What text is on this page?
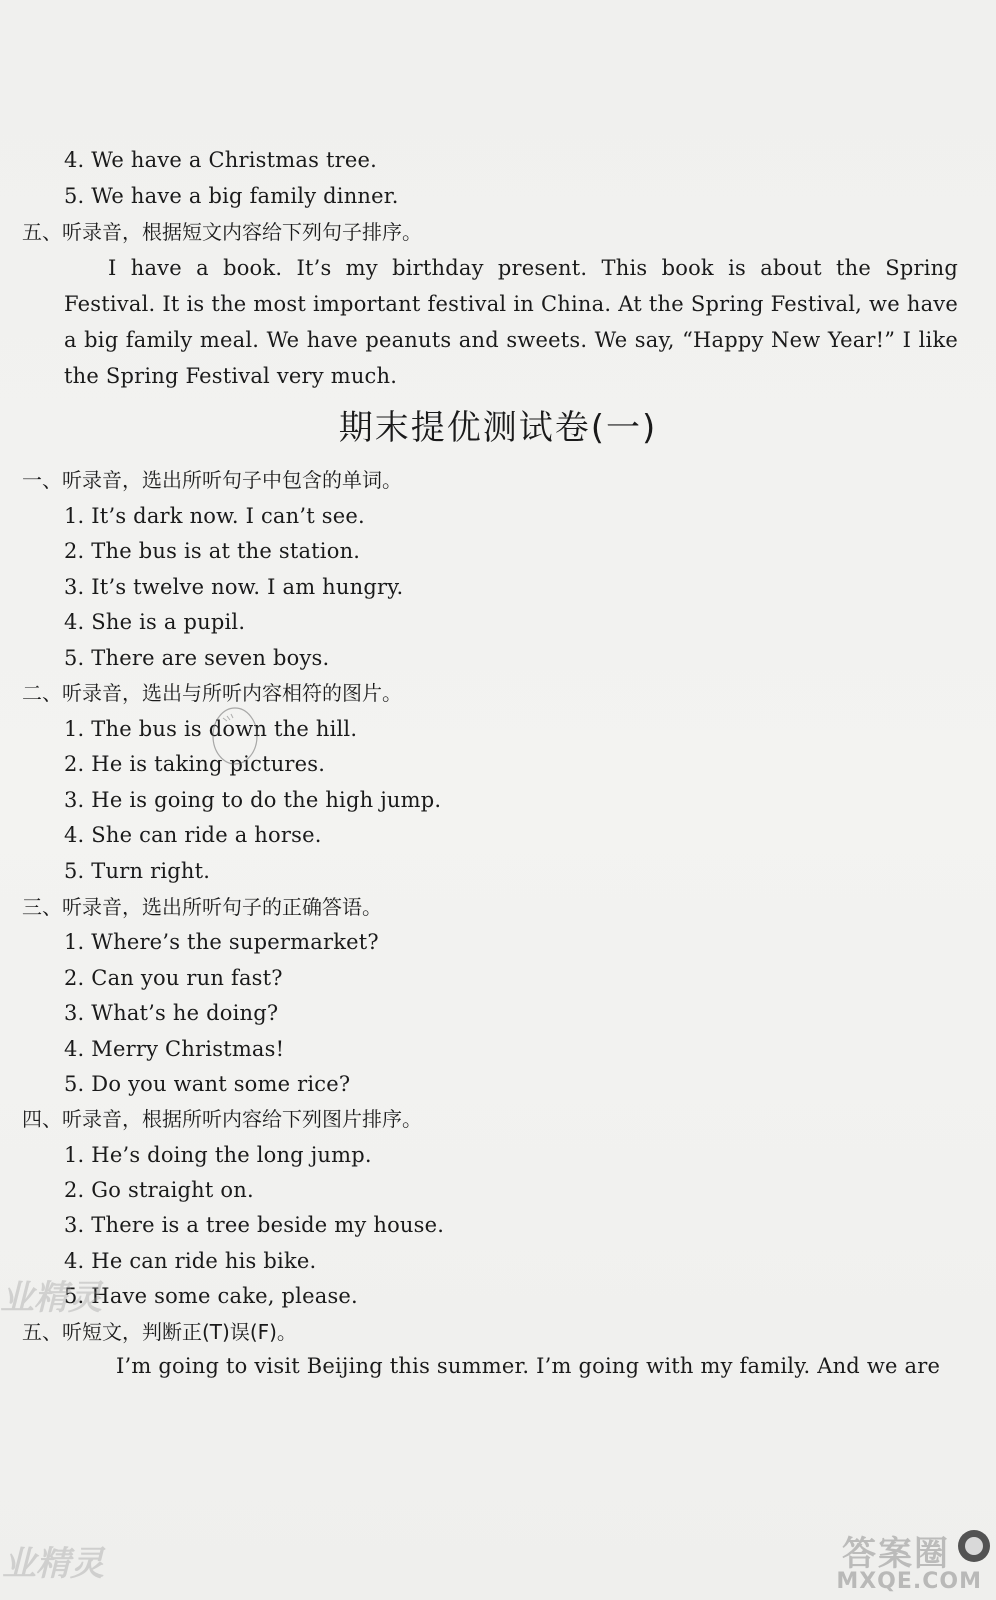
4. We have a Christmas tree.
5. We have a big family dinner.
五、听录音，根据短文内容给下列句子排序。
I have a book. It’s my birthday present. This book is about the Spring Festival. It is the most important festival in China. At the Spring Festival, we have a big family meal. We have peanuts and sweets. We say, “Happy New Year!” I like the Spring Festival very much.
期末提优测试卷(一)
一、听录音，选出所听句子中包含的单词。
1. It’s dark now. I can’t see.
2. The bus is at the station.
3. It’s twelve now. I am hungry.
4. She is a pupil.
5. There are seven boys.
二、听录音，选出与所听内容相符的图片。
1. The bus is down the hill.
2. He is taking pictures.
3. He is going to do the high jump.
4. She can ride a horse.
5. Turn right.
三、听录音，选出所听句子的正确答语。
1. Where’s the supermarket?
2. Can you run fast?
3. What’s he doing?
4. Merry Christmas!
5. Do you want some rice?
四、听录音，根据所听内容给下列图片排序。
1. He’s doing the long jump.
2. Go straight on.
3. There is a tree beside my house.
4. He can ride his bike.
5. Have some cake, please.
五、听短文，判断正(T)误(F)。
I’m going to visit Beijing this summer. I’m going with my family. And we are
业精灵
业精灵	答案圈
MXQE.COM
